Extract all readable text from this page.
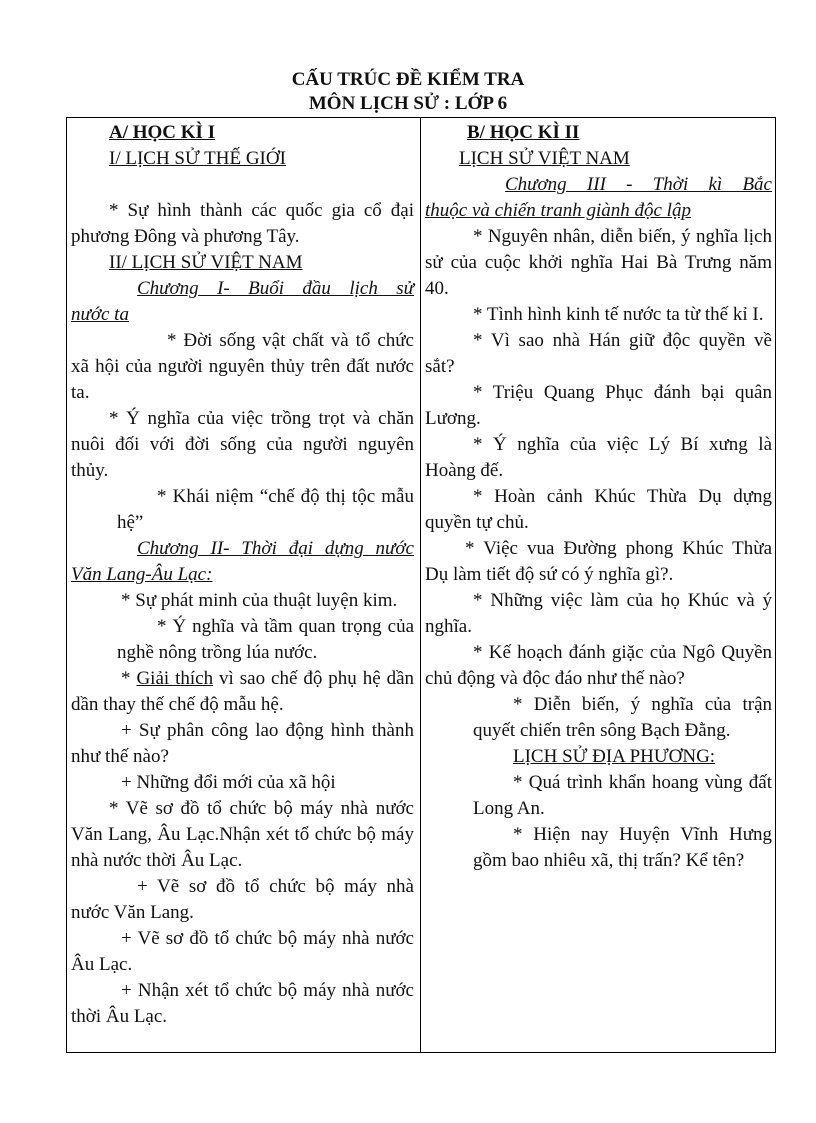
CẤU TRÚC ĐỀ KIỂM TRA
MÔN LỊCH SỬ : LỚP 6

A/ HỌC KÌ I

I/ LỊCH SỬ THẾ GIỚI

* Sự hình thành các quốc gia cổ đại phương Đông và phương Tây.

II/ LỊCH SỬ VIỆT NAM

Chương I- Buổi đầu lịch sử

nước ta

* Đời sống vật chất và tổ chức xã hội của người nguyên thủy trên đất nước ta.

* Ý nghĩa của việc trồng trọt và chăn nuôi đối với đời sống của người nguyên thủy.

* Khái niệm “chế độ thị tộc mẫu hệ”

Chương II- Thời đại dựng nước

Văn Lang-Âu Lạc:

* Sự phát minh của thuật luyện kim.

* Ý nghĩa và tầm quan trọng của nghề nông trồng lúa nước.

* Giải thích vì sao chế độ phụ hệ dần dần thay thế chế độ mẫu hệ.

+ Sự phân công lao động hình thành như thế nào?

+ Những đổi mới của xã hội

* Vẽ sơ đồ tổ chức bộ máy nhà nước Văn Lang, Âu Lạc.Nhận xét tổ chức bộ máy nhà nước thời Âu Lạc.

+ Vẽ sơ đồ tổ chức bộ máy nhà nước Văn Lang.

+ Vẽ sơ đồ tổ chức bộ máy nhà nước Âu Lạc.

+ Nhận xét tổ chức bộ máy nhà nước thời Âu Lạc.

B/ HỌC KÌ II

LỊCH SỬ VIỆT NAM

Chương III - Thời kì Bắc

thuộc và chiến tranh giành độc lập

* Nguyên nhân, diễn biến, ý nghĩa lịch sử của cuộc khởi nghĩa Hai Bà Trưng năm 40.

* Tình hình kinh tế nước ta từ thế kỉ I.

* Vì sao nhà Hán giữ độc quyền về sắt?

* Triệu Quang Phục đánh bại quân Lương.

* Ý nghĩa của việc Lý Bí xưng là Hoàng đế.

* Hoàn cảnh Khúc Thừa Dụ dựng quyền tự chủ.

* Việc vua Đường phong Khúc Thừa Dụ làm tiết độ sứ có ý nghĩa gì?.

* Những việc làm của họ Khúc và ý nghĩa.

* Kế hoạch đánh giặc của Ngô Quyền chủ động và độc đáo như thế nào?

* Diễn biến, ý nghĩa của trận quyết chiến trên sông Bạch Đằng.

LỊCH SỬ ĐỊA PHƯƠNG:

* Quá trình khẩn hoang vùng đất Long An.

* Hiện nay Huyện Vĩnh Hưng gồm bao nhiêu xã, thị trấn? Kể tên?
